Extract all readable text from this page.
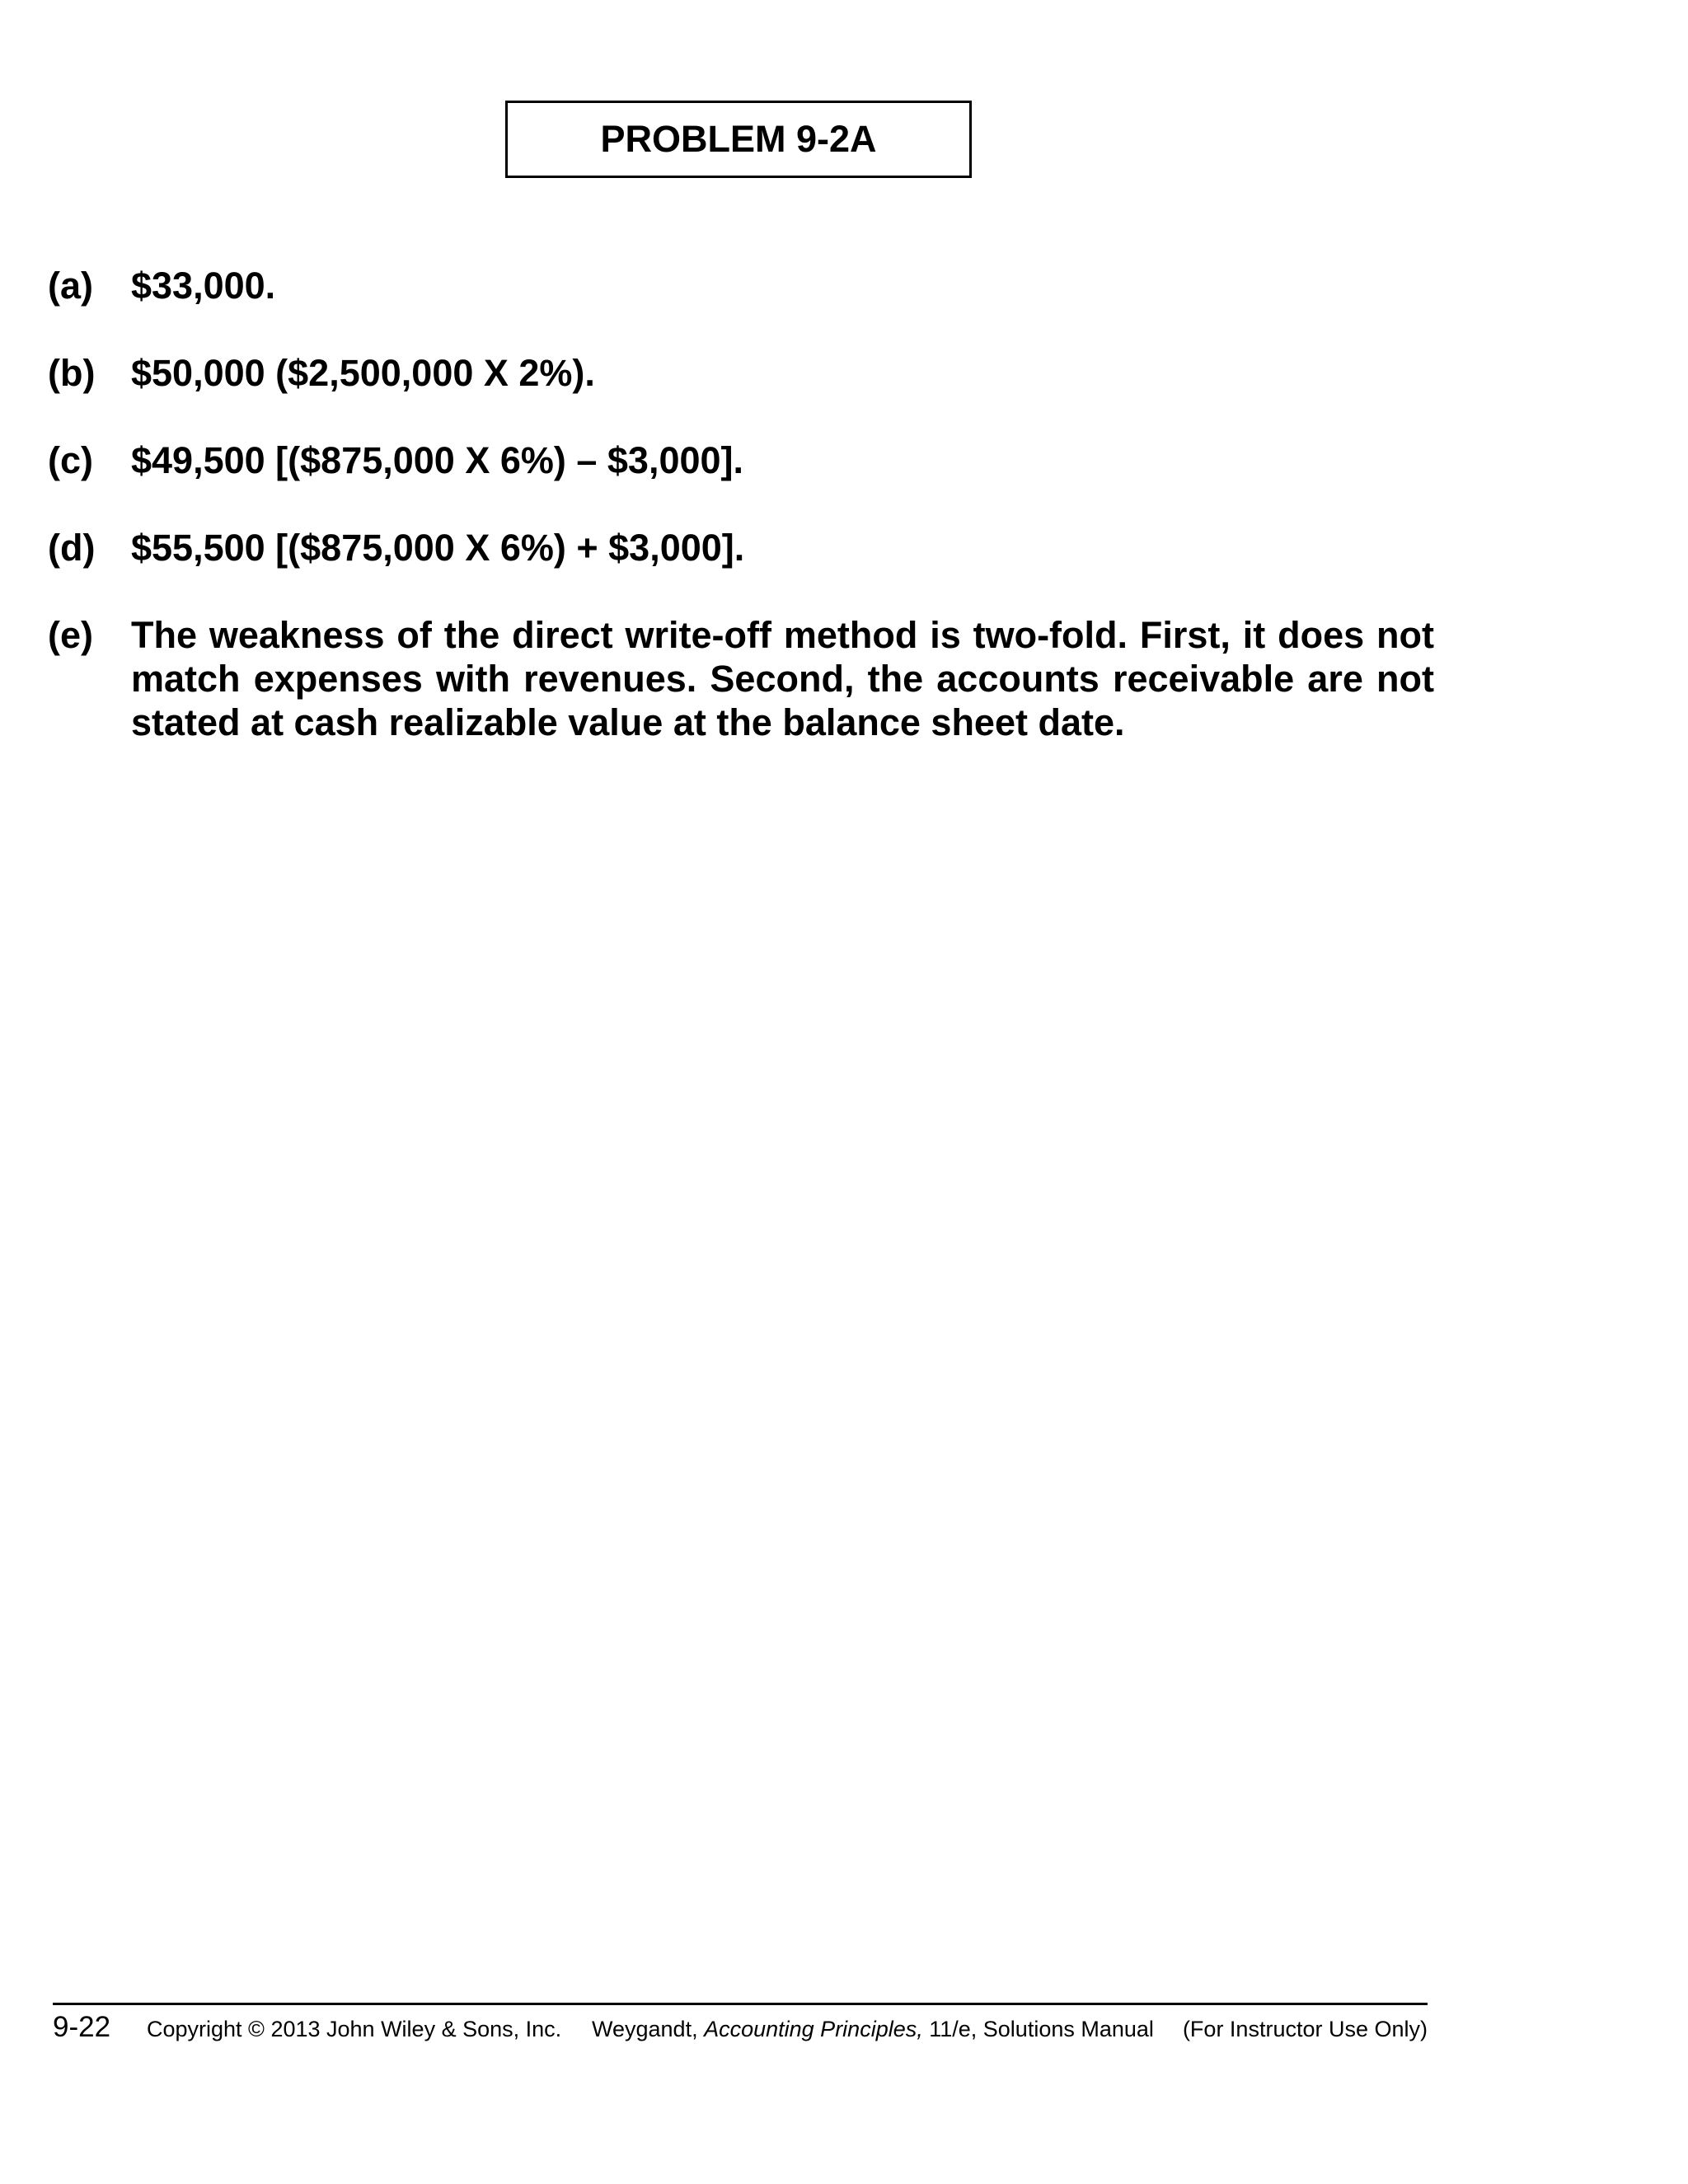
PROBLEM 9-2A
(a)	$33,000.
(b) $50,000 ($2,500,000 X 2%).
(c)	$49,500 [($875,000 X 6%) – $3,000].
(d) $55,500 [($875,000 X 6%) + $3,000].
(e)	The weakness of the direct write-off method is two-fold. First, it does not match expenses with revenues. Second, the accounts receivable are not stated at cash realizable value at the balance sheet date.
9-22 Copyright © 2013 John Wiley & Sons, Inc. Weygandt, Accounting Principles, 11/e, Solutions Manual (For Instructor Use Only)
